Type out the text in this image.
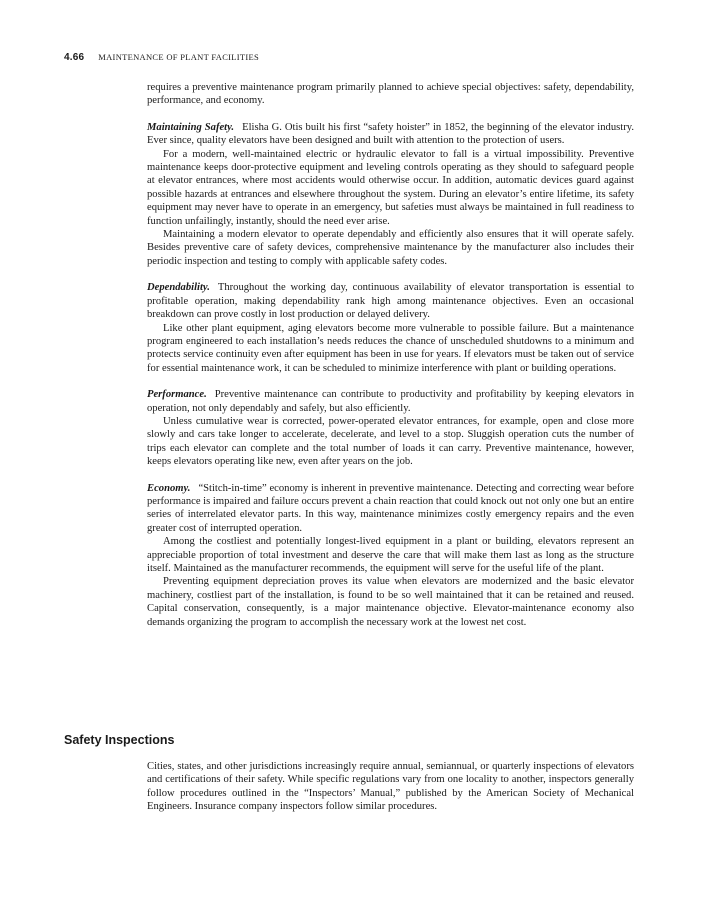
4.66 MAINTENANCE OF PLANT FACILITIES

requires a preventive maintenance program primarily planned to achieve special objectives: safety, dependability, performance, and economy.

Maintaining Safety. Elisha G. Otis built his first “safety hoister” in 1852, the beginning of the elevator industry. Ever since, quality elevators have been designed and built with attention to the protection of users.

For a modern, well-maintained electric or hydraulic elevator to fall is a virtual impossibility. Preventive maintenance keeps door-protective equipment and leveling controls operating as they should to safeguard people at elevator entrances, where most accidents would otherwise occur. In addition, automatic devices guard against possible hazards at entrances and elsewhere throughout the system. During an elevator’s entire lifetime, its safety equipment may never have to operate in an emergency, but safeties must always be maintained in full readiness to function unfailingly, instantly, should the need ever arise.

Maintaining a modern elevator to operate dependably and efficiently also ensures that it will operate safely. Besides preventive care of safety devices, comprehensive maintenance by the manufacturer also includes their periodic inspection and testing to comply with applicable safety codes.

Dependability. Throughout the working day, continuous availability of elevator transportation is essential to profitable operation, making dependability rank high among maintenance objectives. Even an occasional breakdown can prove costly in lost production or delayed delivery.

Like other plant equipment, aging elevators become more vulnerable to possible failure. But a maintenance program engineered to each installation’s needs reduces the chance of unscheduled shutdowns to a minimum and protects service continuity even after equipment has been in use for years. If elevators must be taken out of service for essential maintenance work, it can be scheduled to minimize interference with plant or building operations.

Performance. Preventive maintenance can contribute to productivity and profitability by keeping elevators in operation, not only dependably and safely, but also efficiently.

Unless cumulative wear is corrected, power-operated elevator entrances, for example, open and close more slowly and cars take longer to accelerate, decelerate, and level to a stop. Sluggish operation cuts the number of trips each elevator can complete and the total number of loads it can carry. Preventive maintenance, however, keeps elevators operating like new, even after years on the job.

Economy. “Stitch-in-time” economy is inherent in preventive maintenance. Detecting and correcting wear before performance is impaired and failure occurs prevent a chain reaction that could knock out not only one but an entire series of interrelated elevator parts. In this way, maintenance minimizes costly emergency repairs and the even greater cost of interrupted operation.

Among the costliest and potentially longest-lived equipment in a plant or building, elevators represent an appreciable proportion of total investment and deserve the care that will make them last as long as the structure itself. Maintained as the manufacturer recommends, the equipment will serve for the useful life of the plant.

Preventing equipment depreciation proves its value when elevators are modernized and the basic elevator machinery, costliest part of the installation, is found to be so well maintained that it can be retained and reused. Capital conservation, consequently, is a major maintenance objective. Elevator-maintenance economy also demands organizing the program to accomplish the necessary work at the lowest net cost.

Safety Inspections

Cities, states, and other jurisdictions increasingly require annual, semiannual, or quarterly inspections of elevators and certifications of their safety. While specific regulations vary from one locality to another, inspectors generally follow procedures outlined in the “Inspectors’ Manual,” published by the American Society of Mechanical Engineers. Insurance company inspectors follow similar procedures.
